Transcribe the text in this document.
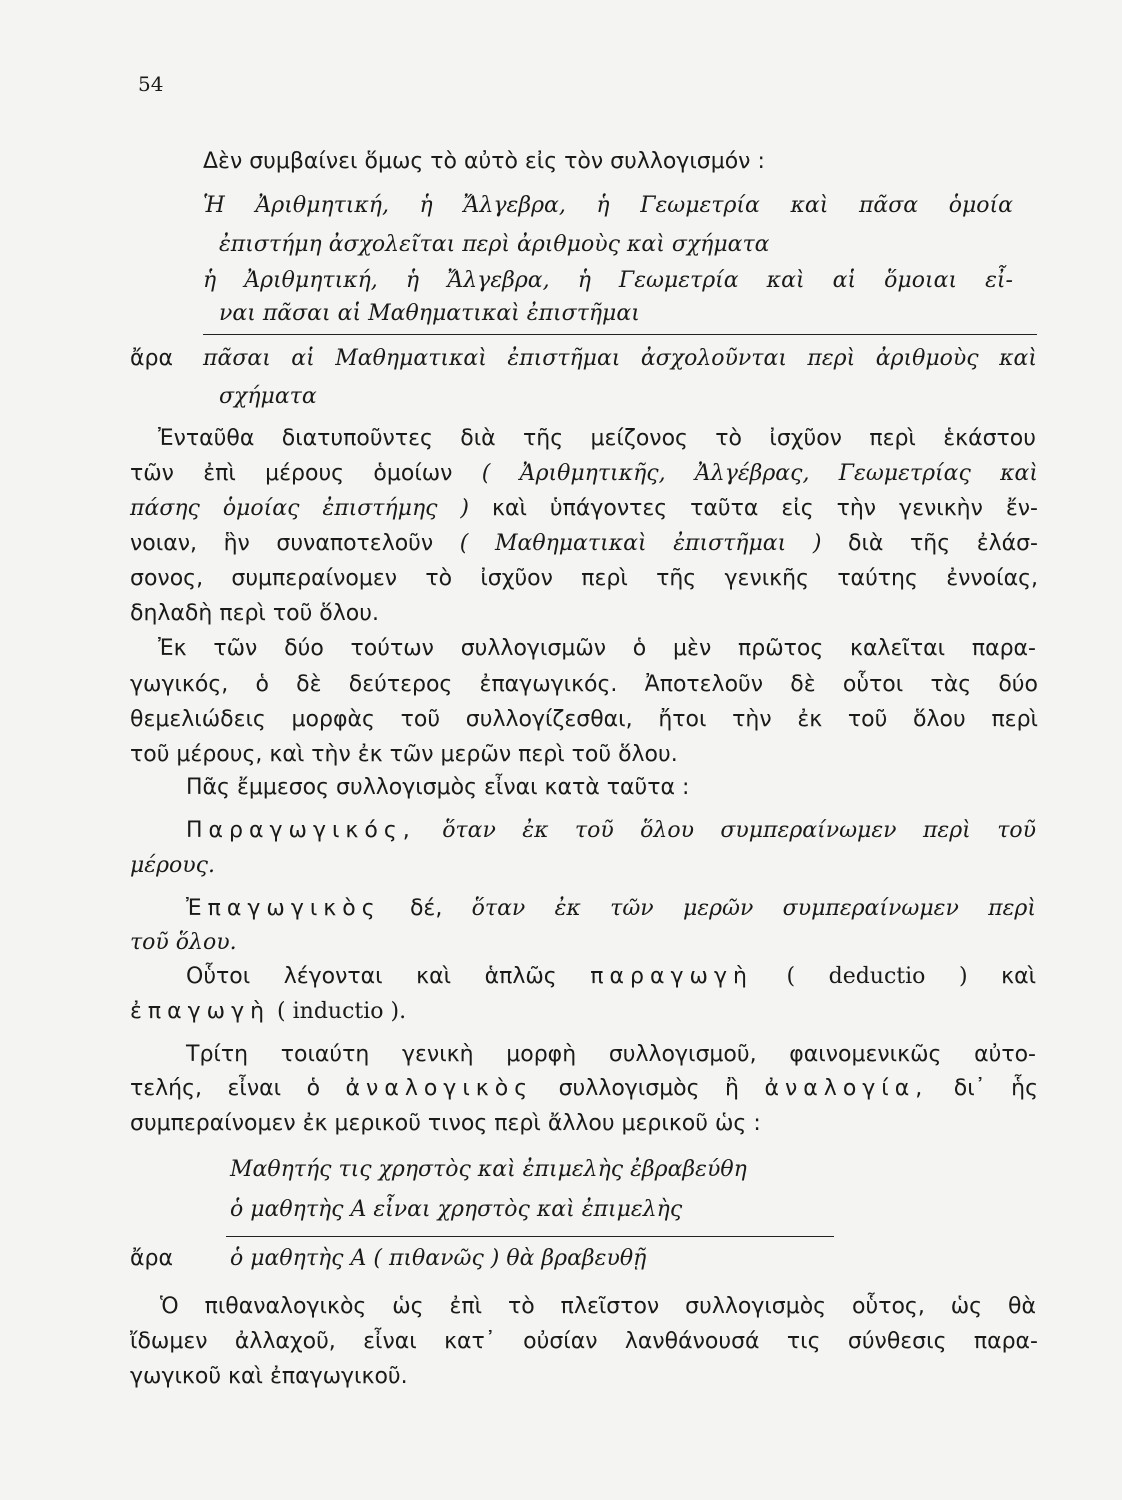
54
Δὲν συμβαίνει ὅμως τὸ αὐτὸ εἰς τὸν συλλογισμόν :
Ἡ Ἀριθμητική, ἡ Ἄλγεβρα, ἡ Γεωμετρία καὶ πᾶσα ὁμοία
ἐπιστήμη ἀσχολεῖται περὶ ἀριθμοὺς καὶ σχήματα
ἡ Ἀριθμητική, ἡ Ἄλγεβρα, ἡ Γεωμετρία καὶ αἱ ὅμοιαι εἶ-
ναι πᾶσαι αἱ Μαθηματικαὶ ἐπιστῆμαι
ἄρα πᾶσαι αἱ Μαθηματικαὶ ἐπιστῆμαι ἀσχολοῦνται περὶ ἀριθμοὺς καὶ
σχήματα
Ἐνταῦθα διατυποῦντες διὰ τῆς μείζονος τὸ ἰσχῦον περὶ ἑκάστου
τῶν ἐπὶ μέρους ὁμοίων ( Ἀριθμητικῆς, Ἀλγέβρας, Γεωμετρίας καὶ
πάσης ὁμοίας ἐπιστήμης ) καὶ ὑπάγοντες ταῦτα εἰς τὴν γενικὴν ἔν-
νοιαν, ἣν συναποτελοῦν ( Μαθηματικαὶ ἐπιστῆμαι ) διὰ τῆς ἐλάσ-
σονος, συμπεραίνομεν τὸ ἰσχῦον περὶ τῆς γενικῆς ταύτης ἐννοίας,
δηλαδὴ περὶ τοῦ ὅλου.
Ἐκ τῶν δύο τούτων συλλογισμῶν ὁ μὲν πρῶτος καλεῖται παρα-
γωγικός, ὁ δὲ δεύτερος ἐπαγωγικός. Ἀποτελοῦν δὲ οὗτοι τὰς δύο
θεμελιώδεις μορφὰς τοῦ συλλογίζεσθαι, ἤτοι τὴν ἐκ τοῦ ὅλου περὶ
τοῦ μέρους, καὶ τὴν ἐκ τῶν μερῶν περὶ τοῦ ὅλου.
Πᾶς ἔμμεσος συλλογισμὸς εἶναι κατὰ ταῦτα :
Παραγωγικός, ὅταν ἐκ τοῦ ὅλου συμπεραίνωμεν περὶ τοῦ
μέρους.
Ἐπαγωγικὸς δέ, ὅταν ἐκ τῶν μερῶν συμπεραίνωμεν περὶ
τοῦ ὅλου.
Οὗτοι λέγονται καὶ ἁπλῶς παραγωγὴ ( deductio ) καὶ
ἐπαγωγὴ ( inductio ).
Τρίτη τοιαύτη γενικὴ μορφὴ συλλογισμοῦ, φαινομενικῶς αὐτο-
τελής, εἶναι ὁ ἀναλογικὸς συλλογισμὸς ἢ ἀναλογία, δι᾿ ἧς
συμπεραίνομεν ἐκ μερικοῦ τινος περὶ ἄλλου μερικοῦ ὡς :
Μαθητής τις χρηστὸς καὶ ἐπιμελὴς ἐβραβεύθη
ὁ μαθητὴς Α εἶναι χρηστὸς καὶ ἐπιμελὴς
ἄρα	ὁ μαθητὴς Α ( πιθανῶς ) θὰ βραβευθῇ
Ὁ πιθαναλογικὸς ὡς ἐπὶ τὸ πλεῖστον συλλογισμὸς οὗτος, ὡς θὰ
ἴδωμεν ἀλλαχοῦ, εἶναι κατ᾿ οὐσίαν λανθάνουσά τις σύνθεσις παρα-
γωγικοῦ καὶ ἐπαγωγικοῦ.
